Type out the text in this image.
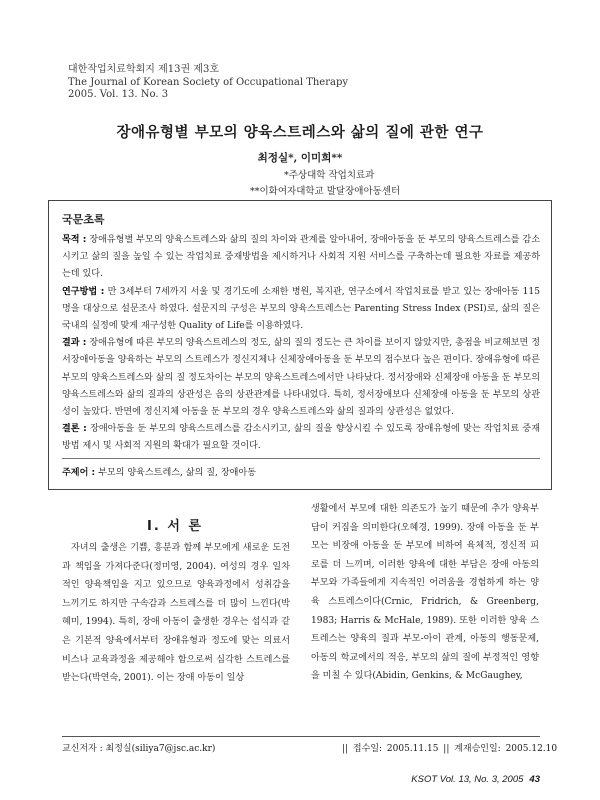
대한작업치료학회지 제13권 제3호
The Journal of Korean Society of Occupational Therapy
2005. Vol. 13. No. 3
장애유형별 부모의 양육스트레스와 삶의 질에 관한 연구
최정실*, 이미희**
*주상대학 작업치료과
**이화여자대학교 발달장애아동센터
국문초록
목적 : 장애유형별 부모의 양육스트레스와 삶의 질의 차이와 관계를 알아내어, 장애아동을 둔 부모의 양육스트레스를 감소시키고 삶의 질을 높일 수 있는 작업치료 중재방법을 제시하거나 사회적 지원 서비스를 구축하는데 필요한 자료를 제공하는데 있다.
연구방법 : 만 3세부터 7세까지 서울 및 경기도에 소재한 병원, 복지관, 연구소에서 작업치료를 받고 있는 장애아동 115명을 대상으로 설문조사 하였다. 설문지의 구성은 부모의 양육스트레스는 Parenting Stress Index (PSI)로, 삶의 질은 국내의 실정에 맞게 재구성한 Quality of Life를 이용하였다.
결과 : 장애유형에 따른 부모의 양육스트레스의 정도, 삶의 질의 정도는 큰 차이를 보이지 않았지만, 총점을 비교해보면 정서장애아동을 양육하는 부모의 스트레스가 정신지체나 신체장애아동을 둔 부모의 점수보다 높은 편이다. 장애유형에 따른 부모의 양육스트레스와 삶의 질 정도차이는 부모의 양육스트레스에서만 나타났다. 정서장애와 신체장애 아동을 둔 부모의 양육스트레스와 삶의 질과의 상관성은 음의 상관관계를 나타내었다. 특히, 정서장애보다 신체장애 아동을 둔 부모의 상관성이 높았다. 반면에 정신지체 아동을 둔 부모의 경우 양육스트레스와 삶의 질과의 상관성은 없었다.
결론 : 장애아동을 둔 부모의 양육스트레스를 감소시키고, 삶의 질을 향상시킬 수 있도록 장애유형에 맞는 작업치료 중재방법 제시 및 사회적 지원의 확대가 필요할 것이다.
주제어 : 부모의 양육스트레스, 삶의 질, 장애아동
Ⅰ. 서 론
자녀의 출생은 기쁨, 흥분과 함께 부모에게 새로운 도전과 책임을 가져다준다(정미영, 2004). 여성의 경우 일차적인 양육책임을 지고 있으므로 양육과정에서 성취감을 느끼기도 하지만 구속감과 스트레스를 더 많이 느낀다(박혜미, 1994). 특히, 장애 아동이 출생한 경우는 섭식과 같은 기본적 양육에서부터 장애유형과 정도에 맞는 의료서비스나 교육과정을 제공해야 함으로써 심각한 스트레스를 받는다(박연숙, 2001). 이는 장애 아동이 일상
생활에서 부모에 대한 의존도가 높기 때문에 추가 양육부담이 커짐을 의미한다(오혜경, 1999). 장애 아동을 둔 부모는 비장애 아동을 둔 부모에 비하여 육체적, 정신적 피로를 더 느끼며, 이러한 양육에 대한 부담은 장애 아동의 부모와 가족들에게 지속적인 어려움을 경험하게 하는 양육 스트레스이다(Crnic, Fridrich, & Greenberg, 1983; Harris & McHale, 1989). 또한 이러한 양육 스트레스는 양육의 질과 부모-아이 관계, 아동의 행동문제, 아동의 학교에서의 적응, 부모의 삶의 질에 부정적인 영향을 미칠 수 있다(Abidin, Genkins, & McGaughey,
교신저자 : 최정실(siliya7@jsc.ac.kr)	|| 접수일: 2005.11.15 || 계재승인일: 2005.12.10
KSOT Vol. 13, No. 3, 2005 43
